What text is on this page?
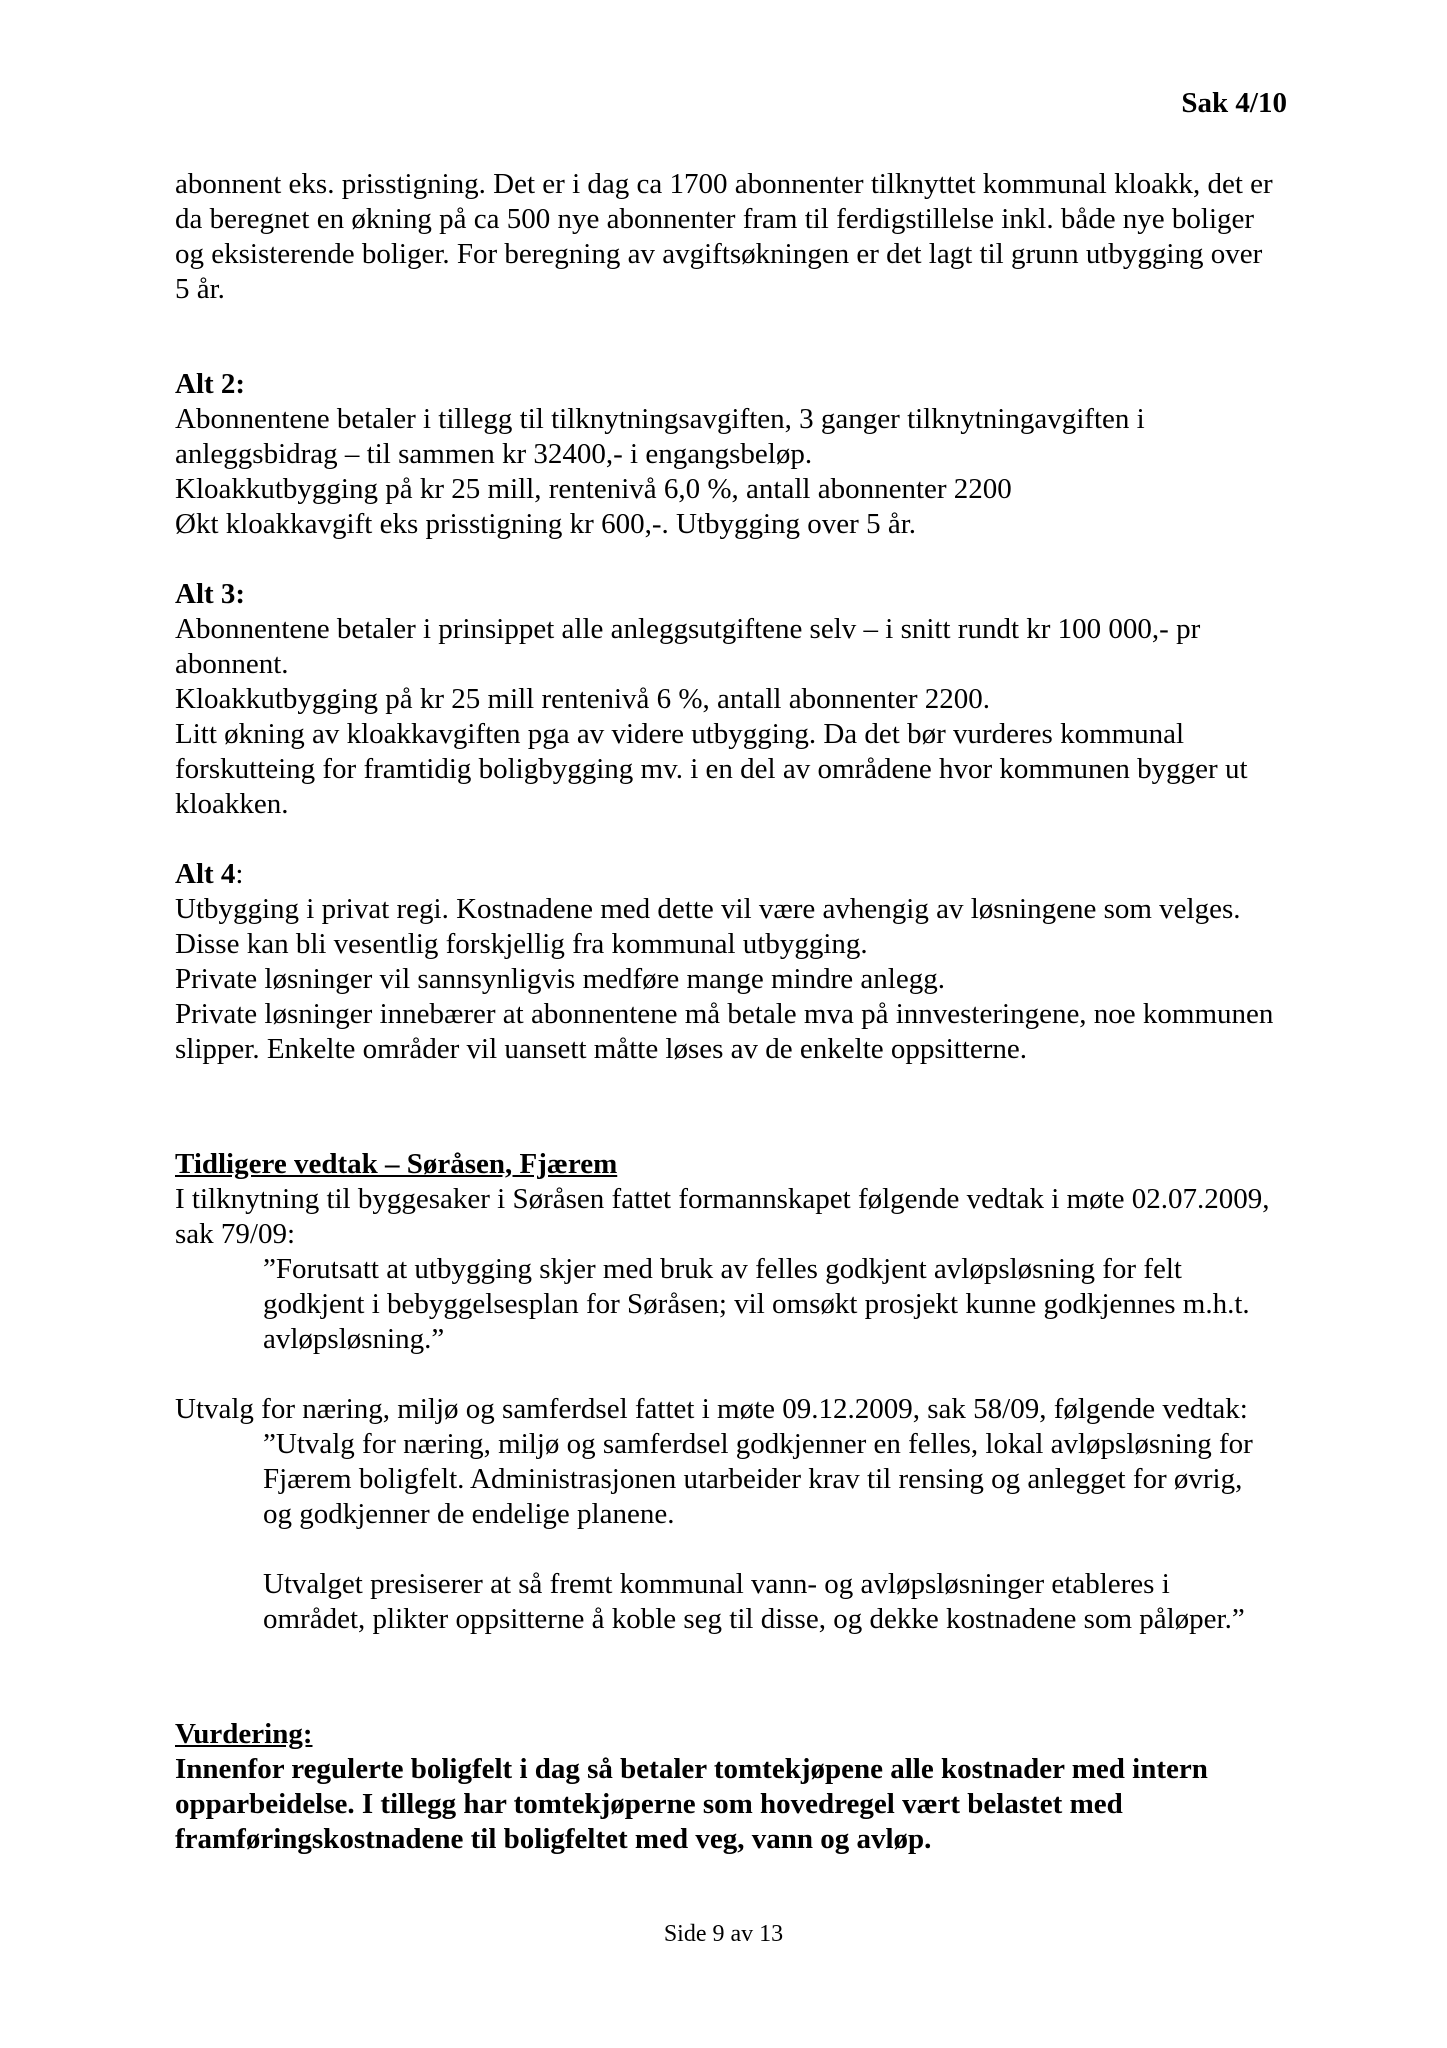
Sak 4/10

abonnent eks. prisstigning. Det er i dag ca 1700 abonnenter tilknyttet kommunal kloakk, det er

da beregnet en økning på ca 500 nye abonnenter fram til ferdigstillelse inkl. både nye boliger

og eksisterende boliger. For beregning av avgiftsøkningen er det lagt til grunn utbygging over

5 år.

Alt 2:

Abonnentene betaler i tillegg til tilknytningsavgiften, 3 ganger tilknytningavgiften i

anleggsbidrag – til sammen kr 32400,- i engangsbeløp.

Kloakkutbygging på kr 25 mill, rentenivå 6,0 %, antall abonnenter 2200

Økt kloakkavgift eks prisstigning kr 600,-. Utbygging over 5 år.

Alt 3:

Abonnentene betaler i prinsippet alle anleggsutgiftene selv – i snitt rundt kr 100 000,- pr

abonnent.

Kloakkutbygging på kr 25 mill rentenivå 6 %, antall abonnenter 2200.

Litt økning av kloakkavgiften pga av videre utbygging. Da det bør vurderes kommunal

forskutteing for framtidig boligbygging mv. i en del av områdene hvor kommunen bygger ut

kloakken.

Alt 4:

Utbygging i privat regi. Kostnadene med dette vil være avhengig av løsningene som velges.

Disse kan bli vesentlig forskjellig fra kommunal utbygging.

Private løsninger vil sannsynligvis medføre mange mindre anlegg.

Private løsninger innebærer at abonnentene må betale mva på innvesteringene, noe kommunen

slipper. Enkelte områder vil uansett måtte løses av de enkelte oppsitterne.

Tidligere vedtak – Søråsen, Fjærem

I tilknytning til byggesaker i Søråsen fattet formannskapet følgende vedtak i møte 02.07.2009,

sak 79/09:

”Forutsatt at utbygging skjer med bruk av felles godkjent avløpsløsning for felt

godkjent i bebyggelsesplan for Søråsen; vil omsøkt prosjekt kunne godkjennes m.h.t.

avløpsløsning.”

Utvalg for næring, miljø og samferdsel fattet i møte 09.12.2009, sak 58/09, følgende vedtak:

”Utvalg for næring, miljø og samferdsel godkjenner en felles, lokal avløpsløsning for

Fjærem boligfelt. Administrasjonen utarbeider krav til rensing og anlegget for øvrig,

og godkjenner de endelige planene.

Utvalget presiserer at så fremt kommunal vann- og avløpsløsninger etableres i

området, plikter oppsitterne å koble seg til disse, og dekke kostnadene som påløper.”

Vurdering:

Innenfor regulerte boligfelt i dag så betaler tomtekjøpene alle kostnader med intern

opparbeidelse. I tillegg har tomtekjøperne som hovedregel vært belastet med

framføringskostnadene til boligfeltet med veg, vann og avløp.

Side 9 av 13
